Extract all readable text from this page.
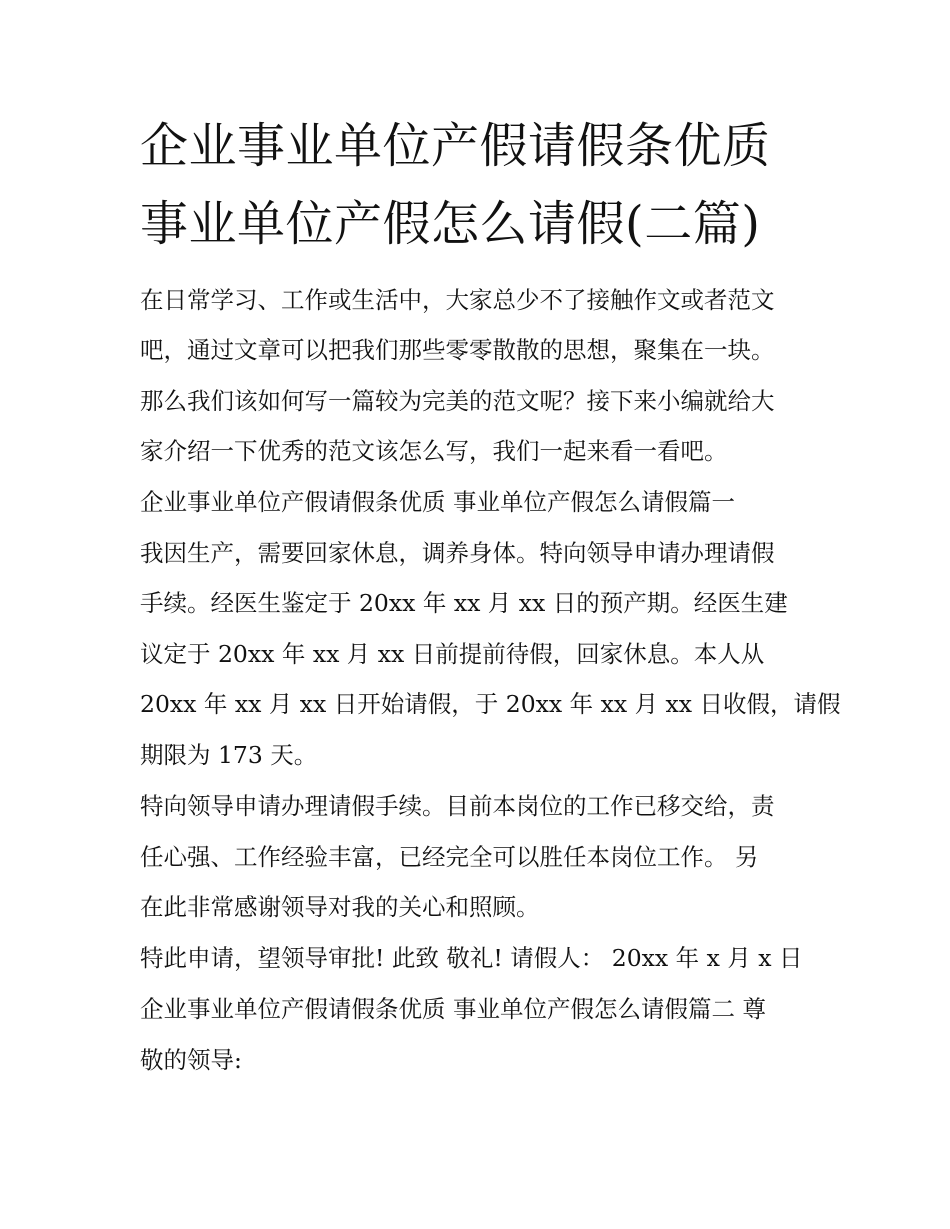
企业事业单位产假请假条优质
事业单位产假怎么请假(二篇)
在日常学习、工作或生活中，大家总少不了接触作文或者范文
吧，通过文章可以把我们那些零零散散的思想，聚集在一块。
那么我们该如何写一篇较为完美的范文呢？接下来小编就给大
家介绍一下优秀的范文该怎么写，我们一起来看一看吧。
企业事业单位产假请假条优质 事业单位产假怎么请假篇一
我因生产，需要回家休息，调养身体。特向领导申请办理请假
手续。经医生鉴定于 20xx 年 xx 月 xx 日的预产期。经医生建
议定于 20xx 年 xx 月 xx 日前提前待假，回家休息。本人从
20xx 年 xx 月 xx 日开始请假，于 20xx 年 xx 月 xx 日收假，请假
期限为 173 天。
特向领导申请办理请假手续。目前本岗位的工作已移交给，责
任心强、工作经验丰富，已经完全可以胜任本岗位工作。 另
在此非常感谢领导对我的关心和照顾。
特此申请，望领导审批! 此致 敬礼! 请假人： 20xx 年 x 月 x 日
企业事业单位产假请假条优质 事业单位产假怎么请假篇二 尊
敬的领导:
